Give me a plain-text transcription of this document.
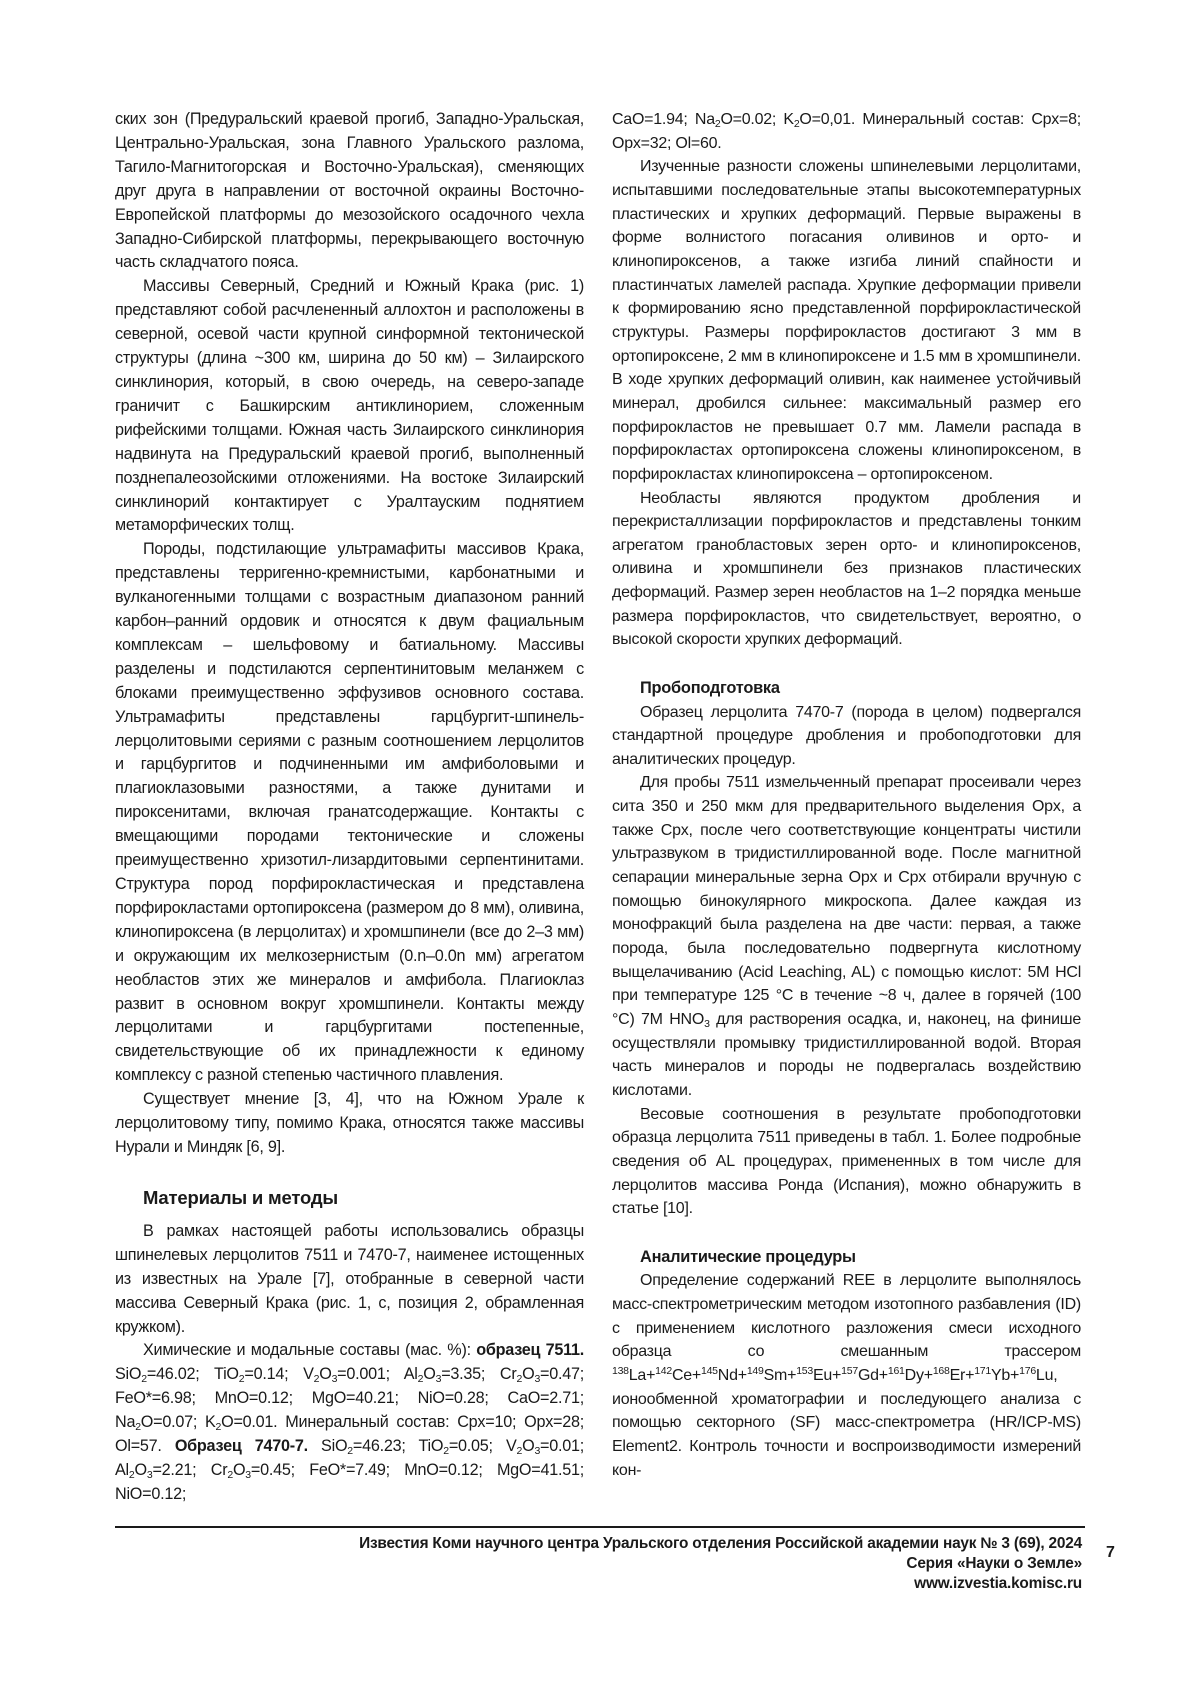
ских зон (Предуральский краевой прогиб, Западно-Уральская, Центрально-Уральская, зона Главного Уральского разлома, Тагило-Магнитогорская и Восточно-Уральская), сменяющих друг друга в направлении от восточной окраины Восточно-Европейской платформы до мезозойского осадочного чехла Западно-Сибирской платформы, перекрывающего восточную часть складчатого пояса.

Массивы Северный, Средний и Южный Крака (рис. 1) представляют собой расчлененный аллохтон и расположены в северной, осевой части крупной синформной тектонической структуры (длина ~300 км, ширина до 50 км) – Зилаирского синклинория, который, в свою очередь, на северо-западе граничит с Башкирским антиклинорием, сложенным рифейскими толщами. Южная часть Зилаирского синклинория надвинута на Предуральский краевой прогиб, выполненный позднепалеозойскими отложениями. На востоке Зилаирский синклинорий контактирует с Уралтауским поднятием метаморфических толщ.

Породы, подстилающие ультрамафиты массивов Крака, представлены терригенно-кремнистыми, карбонатными и вулканогенными толщами с возрастным диапазоном ранний карбон–ранний ордовик и относятся к двум фациальным комплексам – шельфовому и батиальному. Массивы разделены и подстилаются серпентинитовым меланжем с блоками преимущественно эффузивов основного состава. Ультрамафиты представлены гарцбургит-шпинель-лерцолитовыми сериями с разным соотношением лерцолитов и гарцбургитов и подчиненными им амфиболовыми и плагиоклазовыми разностями, а также дунитами и пироксенитами, включая гранатсодержащие. Контакты с вмещающими породами тектонические и сложены преимущественно хризотил-лизардитовыми серпентинитами. Структура пород порфирокластическая и представлена порфирокластами ортопироксена (размером до 8 мм), оливина, клинопироксена (в лерцолитах) и хромшпинели (все до 2–3 мм) и окружающим их мелкозернистым (0.n–0.0n мм) агрегатом необластов этих же минералов и амфибола. Плагиоклаз развит в основном вокруг хромшпинели. Контакты между лерцолитами и гарцбургитами постепенные, свидетельствующие об их принадлежности к единому комплексу с разной степенью частичного плавления.

Существует мнение [3, 4], что на Южном Урале к лерцолитовому типу, помимо Крака, относятся также массивы Нурали и Миндяк [6, 9].

Материалы и методы

В рамках настоящей работы использовались образцы шпинелевых лерцолитов 7511 и 7470-7, наименее истощенных из известных на Урале [7], отобранные в северной части массива Северный Крака (рис. 1, c, позиция 2, обрамленная кружком).

Химические и модальные составы (мас. %): образец 7511. SiO$_2$=46.02; TiO$_2$=0.14; $V_2O_3=0.001$; $Al_2O_3=3.35$; $Cr_2O_3=0.47$; FeO*=6.98; MnO=0.12; MgO=40.21; NiO=0.28; CaO=2.71; $Na_2O=0.07$; $K_2O=0.01$. Минеральный состав: Cpx=10; Opx=28; Ol=57. Образец 7470-7. SiO$_2$=46.23; TiO$_2$=0.05; $V_2O_3=0.01$; $Al_2O_3=2.21$; $Cr_2O_3=0.45$; FeO*=7.49; MnO=0.12; MgO=41.51; NiO=0.12;

CaO=1.94; $Na_2O=0.02$; $K_2O=0,01$. Минеральный состав: Cpx=8; Opx=32; Ol=60.

Изученные разности сложены шпинелевыми лерцолитами, испытавшими последовательные этапы высокотемпературных пластических и хрупких деформаций. Первые выражены в форме волнистого погасания оливинов и орто- и клинопироксенов, а также изгиба линий спайности и пластинчатых ламелей распада. Хрупкие деформации привели к формированию ясно представленной порфирокластической структуры. Размеры порфирокластов достигают 3 мм в ортопироксене, 2 мм в клинопироксене и 1.5 мм в хромшпинели. В ходе хрупких деформаций оливин, как наименее устойчивый минерал, дробился сильнее: максимальный размер его порфирокластов не превышает 0.7 мм. Ламели распада в порфирокластах ортопироксена сложены клинопироксеном, в порфирокластах клинопироксена – ортопироксеном.

Необласты являются продуктом дробления и перекристаллизации порфирокластов и представлены тонким агрегатом гранобластовых зерен орто- и клинопироксенов, оливина и хромшпинели без признаков пластических деформаций. Размер зерен необластов на 1–2 порядка меньше размера порфирокластов, что свидетельствует, вероятно, о высокой скорости хрупких деформаций.

Пробоподготовка

Образец лерцолита 7470-7 (порода в целом) подвергался стандартной процедуре дробления и пробоподготовки для аналитических процедур.

Для пробы 7511 измельченный препарат просеивали через сита 350 и 250 мкм для предварительного выделения Opx, а также Cpx, после чего соответствующие концентраты чистили ультразвуком в тридистиллированной воде. После магнитной сепарации минеральные зерна Opx и Cpx отбирали вручную с помощью бинокулярного микроскопа. Далее каждая из монофракций была разделена на две части: первая, а также порода, была последовательно подвергнута кислотному выщелачиванию (Acid Leaching, AL) с помощью кислот: 5M HCl при температуре 125 °C в течение ~8 ч, далее в горячей (100 °C) 7M $HNO_3$ для растворения осадка, и, наконец, на финише осуществляли промывку тридистиллированной водой. Вторая часть минералов и породы не подвергалась воздействию кислотами.

Весовые соотношения в результате пробоподготовки образца лерцолита 7511 приведены в табл. 1. Более подробные сведения об AL процедурах, примененных в том числе для лерцолитов массива Ронда (Испания), можно обнаружить в статье [10].

Аналитические процедуры

Определение содержаний REE в лерцолите выполнялось масс-спектрометрическим методом изотопного разбавления (ID) с применением кислотного разложения смеси исходного образца со смешанным трассером $^{138}$La+$^{142}$Ce+$^{145}$Nd+$^{149}$Sm+$^{153}$Eu+$^{157}$Gd+$^{161}$Dy+$^{168}$Er+$^{171}$Yb+$^{176}$Lu, ионообменной хроматографии и последующего анализа с помощью секторного (SF) масс-спектрометра (HR/ICP-MS) Element2. Контроль точности и воспроизводимости измерений кон-

Известия Коми научного центра Уральского отделения Российской академии наук № 3 (69), 2024
Серия «Науки о Земле»
www.izvestia.komisc.ru
7
